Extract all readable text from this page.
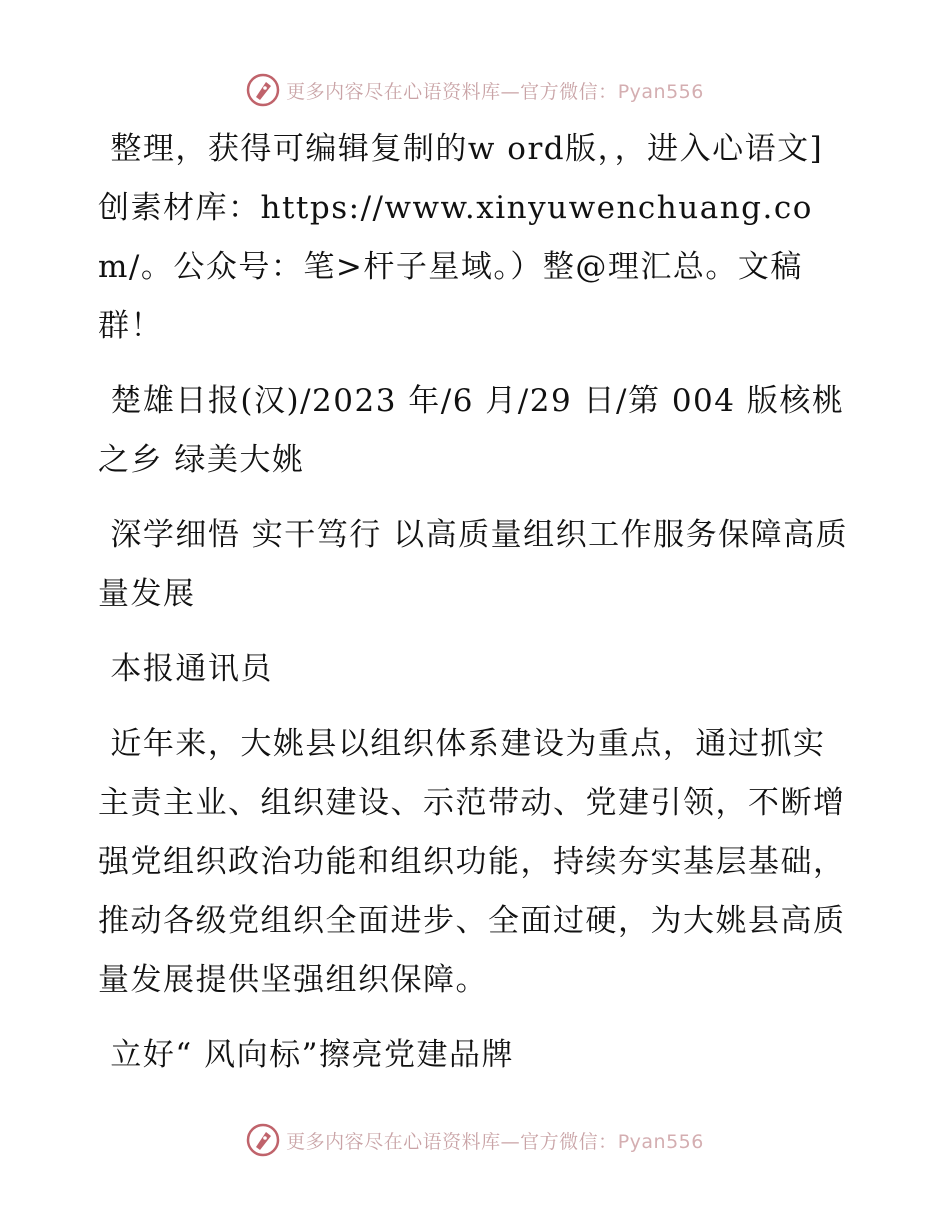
更多内容尽在心语资料库—官方微信：Pyan556

整理，获得可编辑复制的w ord版，，进入心语文]创素材库：https://www.xinyuwenchuang.com/。公众号：笔>杆子星域。）整@理汇总。文稿群！

楚雄日报(汉)/2023 年/6 月/29 日/第 004 版核桃之乡 绿美大姚

深学细悟 实干笃行 以高质量组织工作服务保障高质量发展

本报通讯员

近年来，大姚县以组织体系建设为重点，通过抓实主责主业、组织建设、示范带动、党建引领，不断增强党组织政治功能和组织功能，持续夯实基层基础，推动各级党组织全面进步、全面过硬，为大姚县高质量发展提供坚强组织保障。

立好“ 风向标”擦亮党建品牌

更多内容尽在心语资料库—官方微信：Pyan556
